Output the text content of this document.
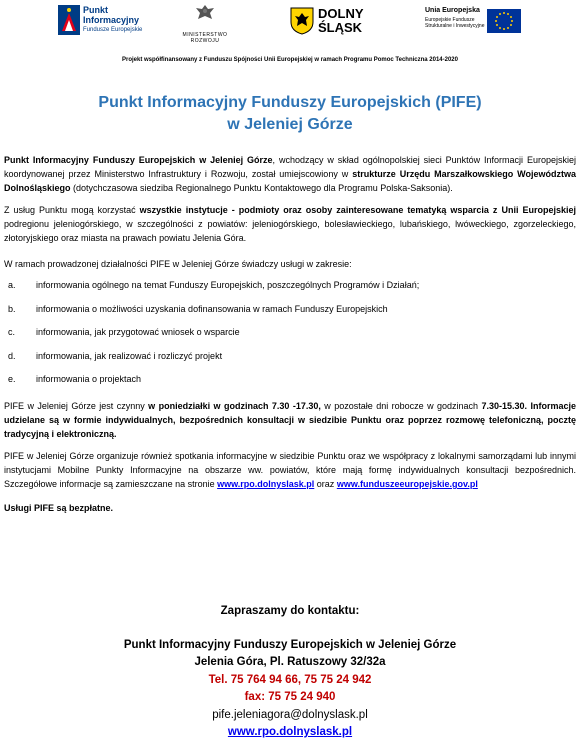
Punkt
Informacyjny
Fundusze Europejskie
MINISTERSTWO
ROZWOJU
DOLNY
ŚLĄSK
Unia Europejska
Europejskie Fundusze Strukturalne i Inwestycyjne
Projekt współfinansowany z Funduszu Spójności Unii Europejskiej w ramach Programu Pomoc Techniczna 2014-2020
Punkt Informacyjny Funduszy Europejskich (PIFE)
w Jeleniej Górze

Punkt Informacyjny Funduszy Europejskich w Jeleniej Górze, wchodzący w skład ogólnopolskiej sieci Punktów Informacji Europejskiej koordynowanej przez Ministerstwo Infrastruktury i Rozwoju, został umiejscowiony w strukturze Urzędu Marszałkowskiego Województwa Dolnośląskiego (dotychczasowa siedziba Regionalnego Punktu Kontaktowego dla Programu Polska-Saksonia).

Z usług Punktu mogą korzystać wszystkie instytucje - podmioty oraz osoby zainteresowane tematyką wsparcia z Unii Europejskiej podregionu jeleniogórskiego, w szczególności z powiatów: jeleniogórskiego, bolesławieckiego, lubańskiego, lwóweckiego, zgorzeleckiego, złotoryjskiego oraz miasta na prawach powiatu Jelenia Góra.

W ramach prowadzonej działalności PIFE w Jeleniej Górze świadczy usługi w zakresie:

a. informowania ogólnego na temat Funduszy Europejskich, poszczególnych Programów i Działań;
b. informowania o możliwości uzyskania dofinansowania w ramach Funduszy Europejskich
c. informowania, jak przygotować wniosek o wsparcie
d. informowania, jak realizować i rozliczyć projekt
e. informowania o projektach

PIFE w Jeleniej Górze jest czynny w poniedziałki w godzinach 7.30 -17.30, w pozostałe dni robocze w godzinach 7.30-15.30. Informacje udzielane są w formie indywidualnych, bezpośrednich konsultacji w siedzibie Punktu oraz poprzez rozmowę telefoniczną, pocztę tradycyjną i elektroniczną.

PIFE w Jeleniej Górze organizuje również spotkania informacyjne w siedzibie Punktu oraz we współpracy z lokalnymi samorządami lub innymi instytucjami Mobilne Punkty Informacyjne na obszarze ww. powiatów, które mają formę indywidualnych konsultacji bezpośrednich. Szczegółowe informacje są zamieszczane na stronie www.rpo.dolnyslask.pl oraz www.funduszeeuropejskie.gov.pl

Usługi PIFE są bezpłatne.

Zapraszamy do kontaktu:
Punkt Informacyjny Funduszy Europejskich w Jeleniej Górze
Jelenia Góra, Pl. Ratuszowy 32/32a
Tel. 75 764 94 66, 75 75 24 942
fax: 75 75 24 940
pife.jeleniagora@dolnyslask.pl
www.rpo.dolnyslask.pl
